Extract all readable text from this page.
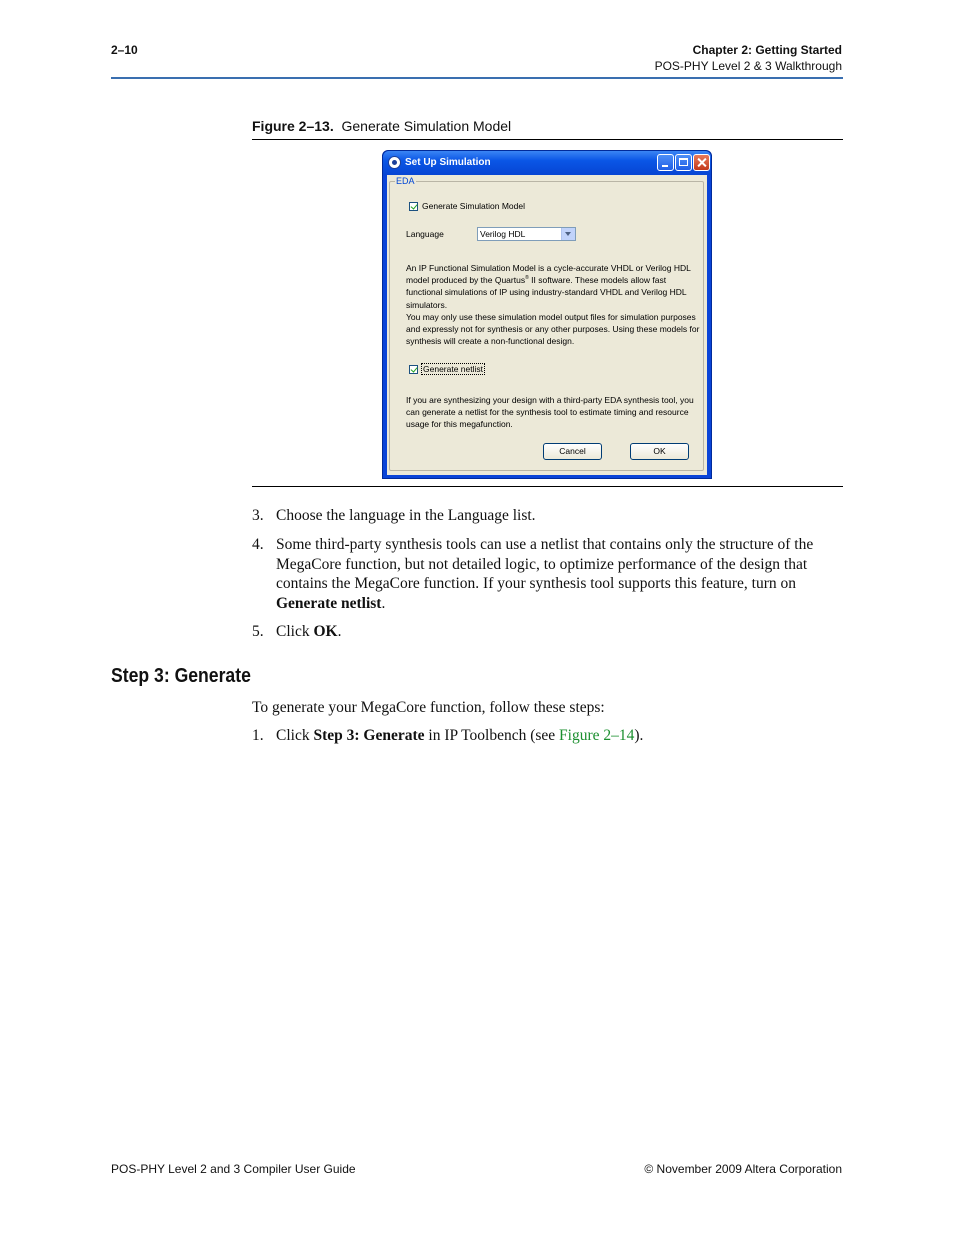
2–10	Chapter 2: Getting Started
POS-PHY Level 2 & 3 Walkthrough
Figure 2–13. Generate Simulation Model
Set Up Simulation
EDA
Generate Simulation Model
Language	Verilog HDL

An IP Functional Simulation Model is a cycle-accurate VHDL or Verilog HDL model produced by the Quartus® II software. These models allow fast functional simulations of IP using industry-standard VHDL and Verilog HDL simulators.
You may only use these simulation model output files for simulation purposes and expressly not for synthesis or any other purposes. Using these models for synthesis will create a non-functional design.

Generate netlist

If you are synthesizing your design with a third-party EDA synthesis tool, you can generate a netlist for the synthesis tool to estimate timing and resource usage for this megafunction.

Cancel	OK
3. Choose the language in the Language list.
4. Some third-party synthesis tools can use a netlist that contains only the structure of the MegaCore function, but not detailed logic, to optimize performance of the design that contains the MegaCore function. If your synthesis tool supports this feature, turn on Generate netlist.
5. Click OK.
Step 3: Generate
To generate your MegaCore function, follow these steps:
1. Click Step 3: Generate in IP Toolbench (see Figure 2–14).
POS-PHY Level 2 and 3 Compiler User Guide	© November 2009 Altera Corporation
